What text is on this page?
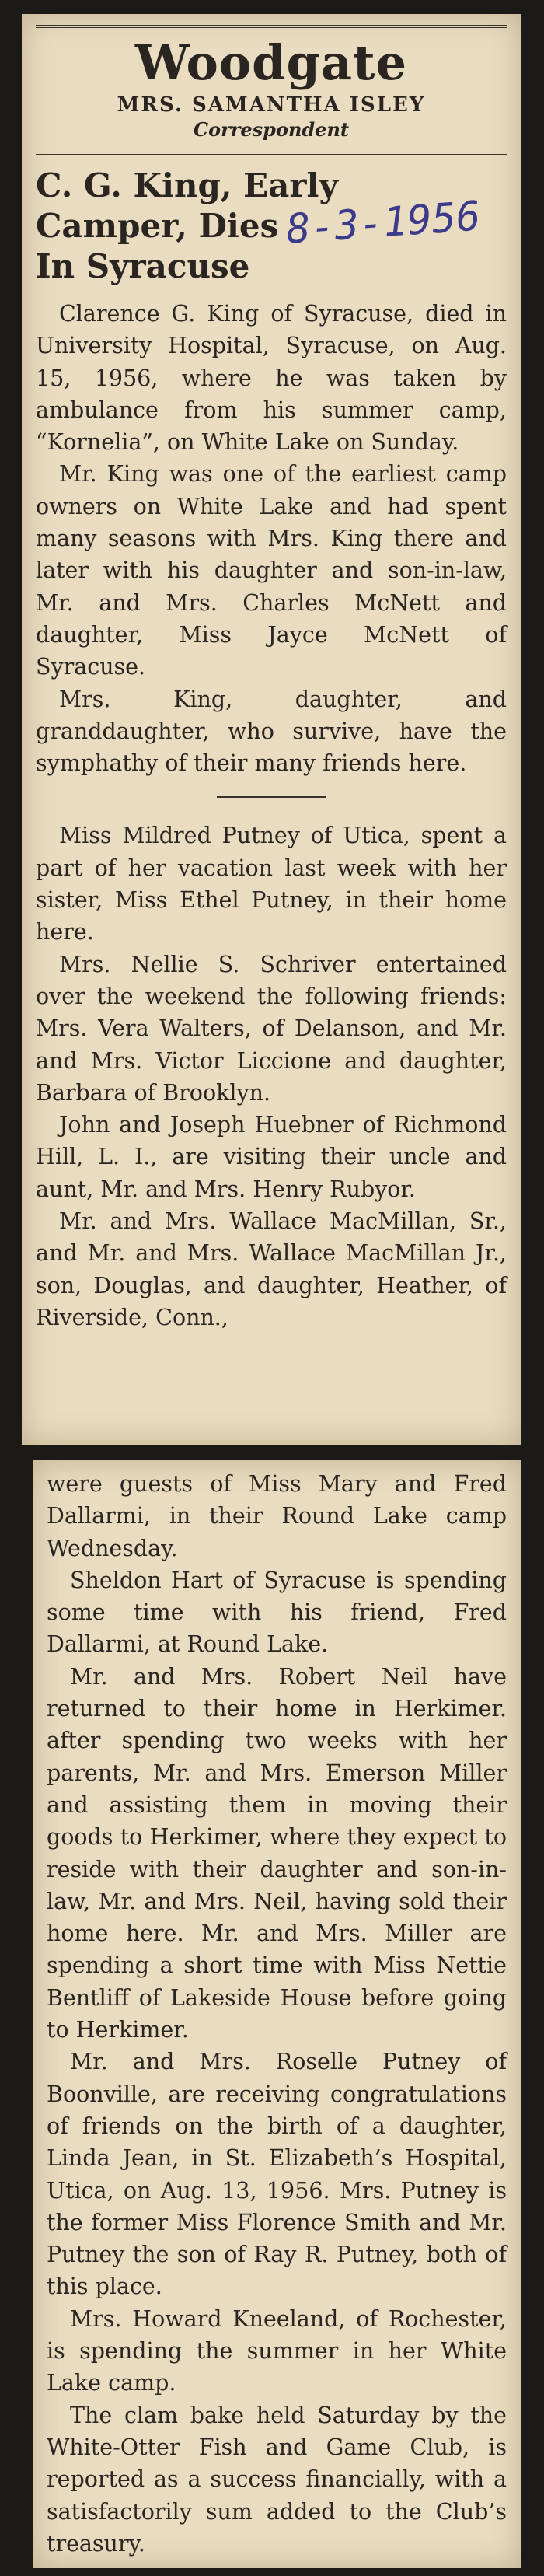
Woodgate
MRS. SAMANTHA ISLEY
Correspondent
C. G. King, Early
Camper, Dies
In Syracuse
8-3-1956

Clarence G. King of Syracuse, died in University Hospital, Syracuse, on Aug. 15, 1956, where he was taken by ambulance from his summer camp, “Kornelia”, on White Lake on Sunday.

Mr. King was one of the earliest camp owners on White Lake and had spent many seasons with Mrs. King there and later with his daughter and son-in-law, Mr. and Mrs. Charles McNett and daughter, Miss Jayce McNett of Syracuse.

Mrs. King, daughter, and granddaughter, who survive, have the symphathy of their many friends here.

Miss Mildred Putney of Utica, spent a part of her vacation last week with her sister, Miss Ethel Putney, in their home here.

Mrs. Nellie S. Schriver entertained over the weekend the following friends: Mrs. Vera Walters, of Delanson, and Mr. and Mrs. Victor Liccione and daughter, Barbara of Brooklyn.

John and Joseph Huebner of Richmond Hill, L. I., are visiting their uncle and aunt, Mr. and Mrs. Henry Rubyor.

Mr. and Mrs. Wallace MacMillan, Sr., and Mr. and Mrs. Wallace MacMillan Jr., son, Douglas, and daughter, Heather, of Riverside, Conn.,

were guests of Miss Mary and Fred Dallarmi, in their Round Lake camp Wednesday.

Sheldon Hart of Syracuse is spending some time with his friend, Fred Dallarmi, at Round Lake.

Mr. and Mrs. Robert Neil have returned to their home in Herkimer. after spending two weeks with her parents, Mr. and Mrs. Emerson Miller and assisting them in moving their goods to Herkimer, where they expect to reside with their daughter and son-in-law, Mr. and Mrs. Neil, having sold their home here. Mr. and Mrs. Miller are spending a short time with Miss Nettie Bentliff of Lakeside House before going to Herkimer.

Mr. and Mrs. Roselle Putney of Boonville, are receiving congratulations of friends on the birth of a daughter, Linda Jean, in St. Elizabeth’s Hospital, Utica, on Aug. 13, 1956. Mrs. Putney is the former Miss Florence Smith and Mr. Putney the son of Ray R. Putney, both of this place.

Mrs. Howard Kneeland, of Rochester, is spending the summer in her White Lake camp.

The clam bake held Saturday by the White-Otter Fish and Game Club, is reported as a success financially, with a satisfactorily sum added to the Club’s treasury.
